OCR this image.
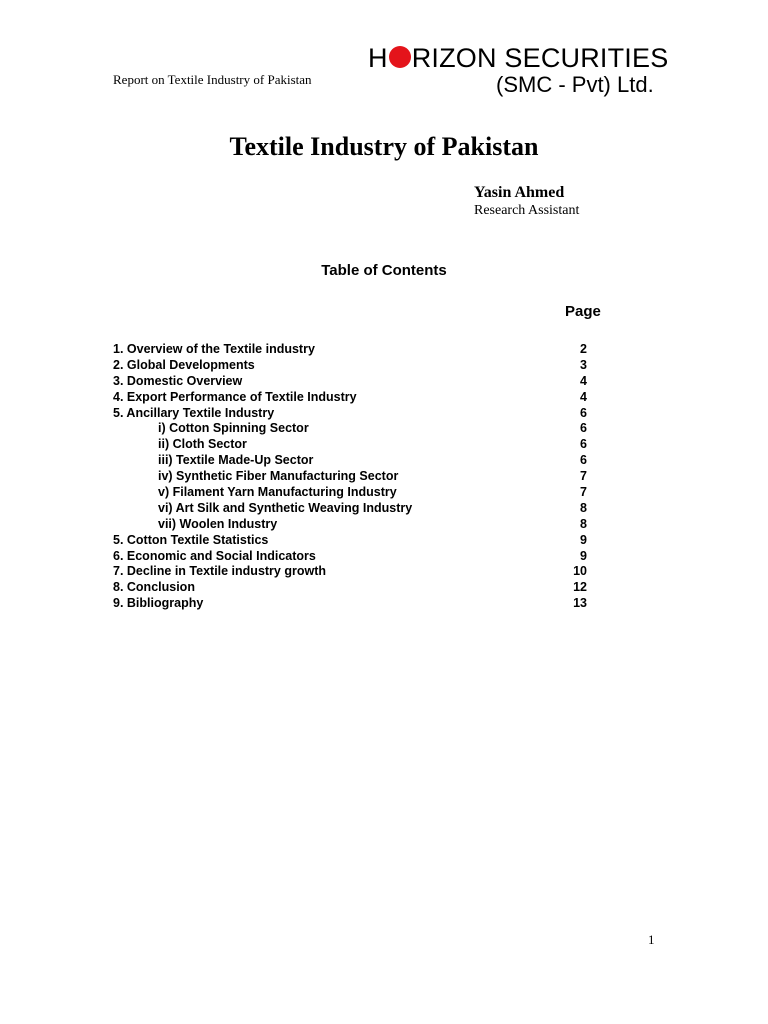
Report on Textile Industry of Pakistan
H RIZON SECURITIES
(SMC - Pvt) Ltd.
Textile Industry of Pakistan
Yasin Ahmed
Research Assistant
Table of Contents
Page
1. Overview of the Textile industry	2
2. Global Developments	3
3. Domestic Overview	4
4. Export Performance of Textile Industry	4
5. Ancillary Textile Industry	6
i) Cotton Spinning Sector	6
ii) Cloth Sector	6
iii) Textile Made-Up Sector	6
iv) Synthetic Fiber Manufacturing Sector	7
v) Filament Yarn Manufacturing Industry	7
vi) Art Silk and Synthetic Weaving Industry	8
vii) Woolen Industry	8
5. Cotton Textile Statistics	9
6. Economic and Social Indicators	9
7. Decline in Textile industry growth	10
8. Conclusion	12
9. Bibliography	13
1
